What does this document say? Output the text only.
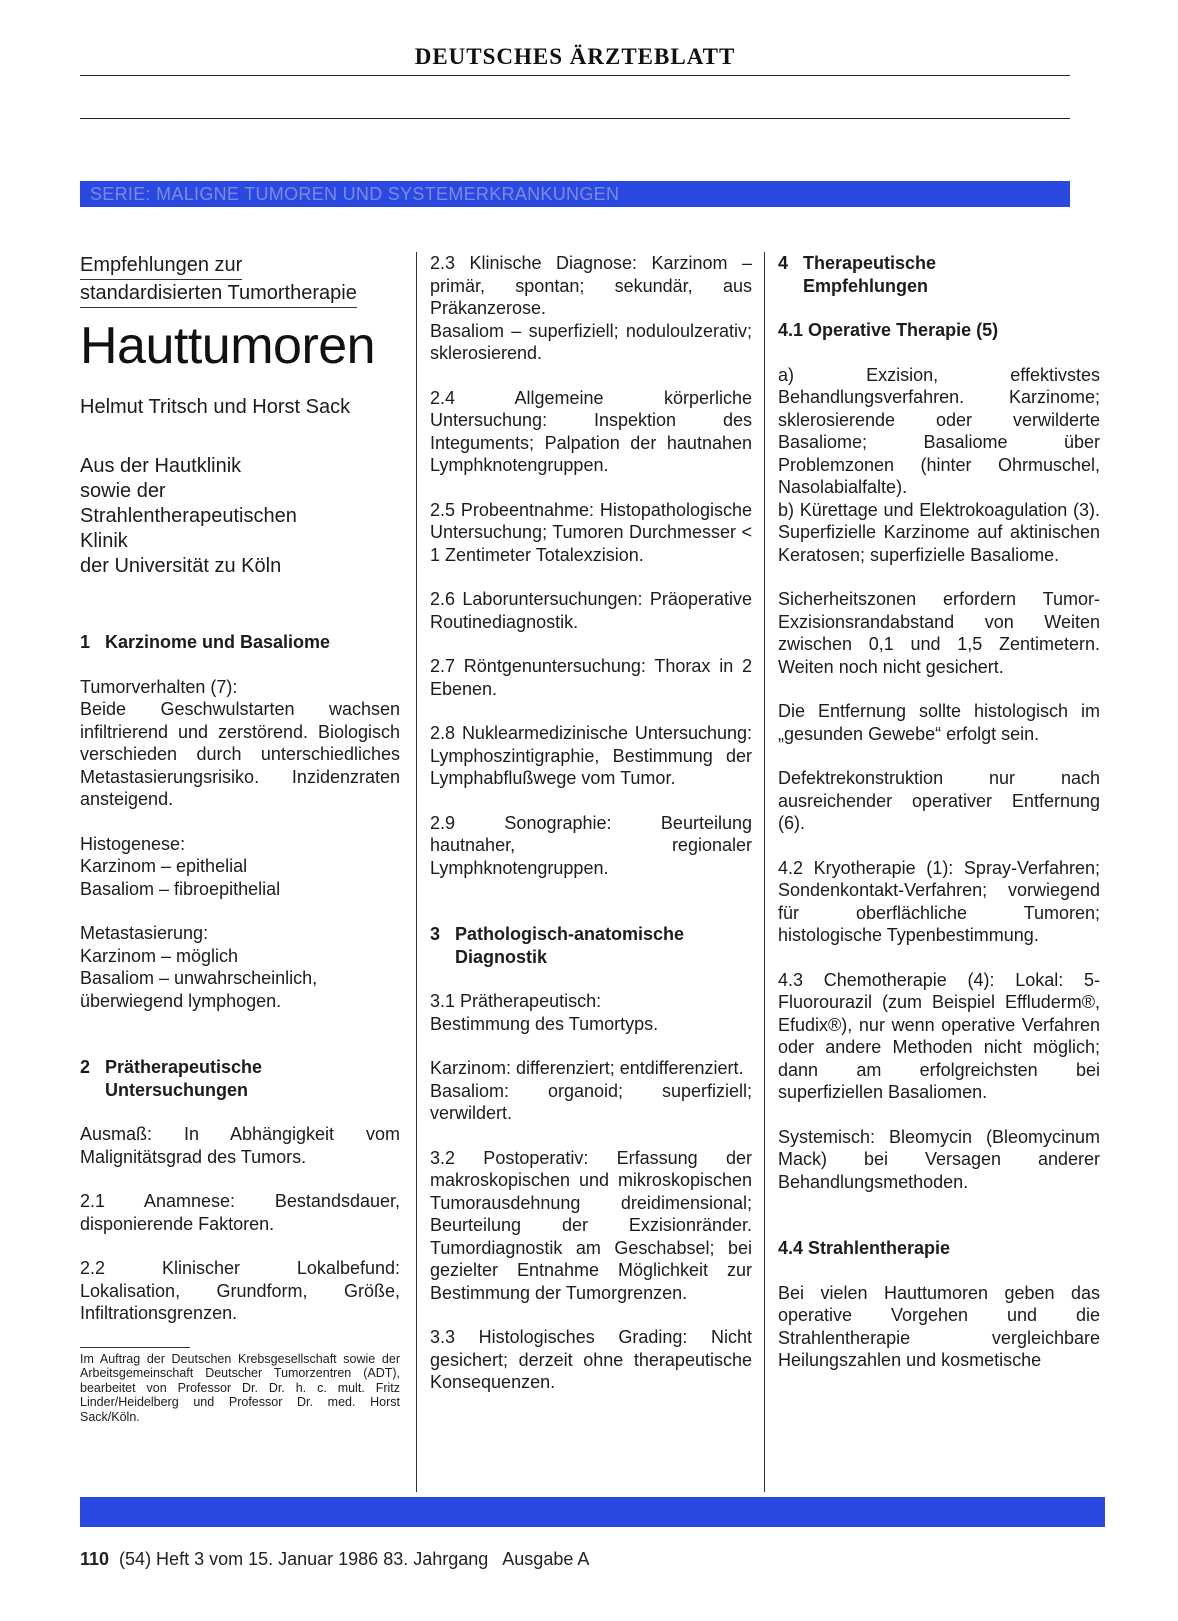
DEUTSCHES ÄRZTEBLATT
SERIE: MALIGNE TUMOREN UND SYSTEMERKRANKUNGEN
Empfehlungen zur
standardisierten Tumortherapie
Hauttumoren
Helmut Tritsch und Horst Sack
Aus der Hautklinik
sowie der
Strahlentherapeutischen
Klinik
der Universität zu Köln
1 Karzinome und Basaliome
Tumorverhalten (7):
Beide Geschwulstarten wachsen infiltrierend und zerstörend. Biologisch verschieden durch unterschiedliches Metastasierungsrisiko. Inzidenzraten ansteigend.
Histogenese:
Karzinom – epithelial
Basaliom – fibroepithelial
Metastasierung:
Karzinom – möglich
Basaliom – unwahrscheinlich,
überwiegend lymphogen.
2 Prätherapeutische
Untersuchungen

Ausmaß: In Abhängigkeit vom Malignitätsgrad des Tumors.

2.1 Anamnese: Bestandsdauer, disponierende Faktoren.

2.2 Klinischer Lokalbefund: Lokalisation, Grundform, Größe, Infiltrationsgrenzen.

Im Auftrag der Deutschen Krebsgesellschaft sowie der Arbeitsgemeinschaft Deutscher Tumorzentren (ADT), bearbeitet von Professor Dr. Dr. h. c. mult. Fritz Linder/Heidelberg und Professor Dr. med. Horst Sack/Köln.
2.3 Klinische Diagnose: Karzinom – primär, spontan; sekundär, aus Präkanzerose.
Basaliom – superfiziell; noduloulzerativ; sklerosierend.

2.4 Allgemeine körperliche Untersuchung: Inspektion des Integuments; Palpation der hautnahen Lymphknotengruppen.

2.5 Probeentnahme: Histopathologische Untersuchung; Tumoren Durchmesser < 1 Zentimeter Totalexzision.

2.6 Laboruntersuchungen: Präoperative Routinediagnostik.

2.7 Röntgenuntersuchung: Thorax in 2 Ebenen.

2.8 Nuklearmedizinische Untersuchung: Lymphoszintigraphie, Bestimmung der Lymphabflußwege vom Tumor.

2.9 Sonographie: Beurteilung hautnaher, regionaler Lymphknotengruppen.

3 Pathologisch-anatomische
Diagnostik
3.1 Prätherapeutisch:
Bestimmung des Tumortyps.
Karzinom: differenziert; entdifferenziert.
Basaliom: organoid; superfiziell; verwildert.

3.2 Postoperativ: Erfassung der makroskopischen und mikroskopischen Tumorausdehnung dreidimensional; Beurteilung der Exzisionränder. Tumordiagnostik am Geschabsel; bei gezielter Entnahme Möglichkeit zur Bestimmung der Tumorgrenzen.

3.3 Histologisches Grading: Nicht gesichert; derzeit ohne therapeutische Konsequenzen.

4 Therapeutische
Empfehlungen
4.1 Operative Therapie (5)
a) Exzision, effektivstes Behandlungsverfahren. Karzinome; sklerosierende oder verwilderte Basaliome; Basaliome über Problemzonen (hinter Ohrmuschel, Nasolabialfalte).
b) Kürettage und Elektrokoagulation (3). Superfizielle Karzinome auf aktinischen Keratosen; superfizielle Basaliome.

Sicherheitszonen erfordern Tumor-Exzisionsrandabstand von Weiten zwischen 0,1 und 1,5 Zentimetern. Weiten noch nicht gesichert.

Die Entfernung sollte histologisch im „gesunden Gewebe“ erfolgt sein.

Defektrekonstruktion nur nach ausreichender operativer Entfernung (6).

4.2 Kryotherapie (1): Spray-Verfahren; Sondenkontakt-Verfahren; vorwiegend für oberflächliche Tumoren; histologische Typenbestimmung.

4.3 Chemotherapie (4): Lokal: 5-Fluorourazil (zum Beispiel Effluderm®, Efudix®), nur wenn operative Verfahren oder andere Methoden nicht möglich; dann am erfolgreichsten bei superfiziellen Basaliomen.

Systemisch: Bleomycin (Bleomycinum Mack) bei Versagen anderer Behandlungsmethoden.

4.4 Strahlentherapie

Bei vielen Hauttumoren geben das operative Vorgehen und die Strahlentherapie vergleichbare Heilungszahlen und kosmetische

110  (54) Heft 3 vom 15. Januar 1986 83. Jahrgang   Ausgabe A
